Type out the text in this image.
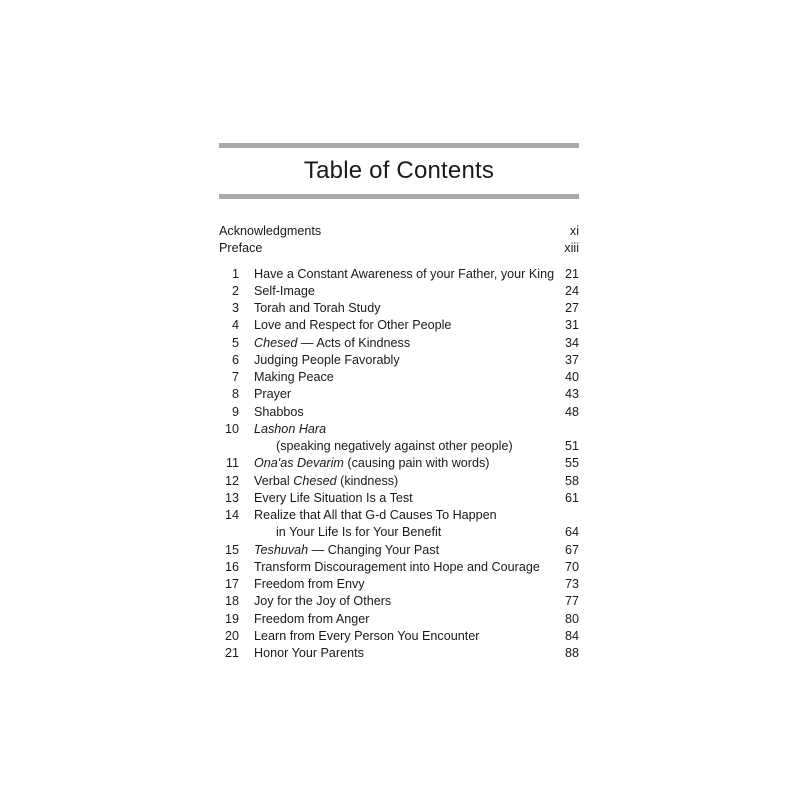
Table of Contents
Acknowledgments	xi
Preface	xiii
1 Have a Constant Awareness of your Father, your King 21
2 Self-Image	24
3 Torah and Torah Study	27
4 Love and Respect for Other People	31
5 Chesed — Acts of Kindness	34
6 Judging People Favorably	37
7 Making Peace	40
8 Prayer	43
9 Shabbos	48
10 Lashon Hara
(speaking negatively against other people)	51
11 Ona'as Devarim (causing pain with words)	55
12 Verbal Chesed (kindness)	58
13 Every Life Situation Is a Test	61
14 Realize that All that G-d Causes To Happen
in Your Life Is for Your Benefit	64
15 Teshuvah — Changing Your Past	67
16 Transform Discouragement into Hope and Courage 70
17 Freedom from Envy	73
18 Joy for the Joy of Others	77
19 Freedom from Anger	80
20 Learn from Every Person You Encounter	84
21 Honor Your Parents	88
